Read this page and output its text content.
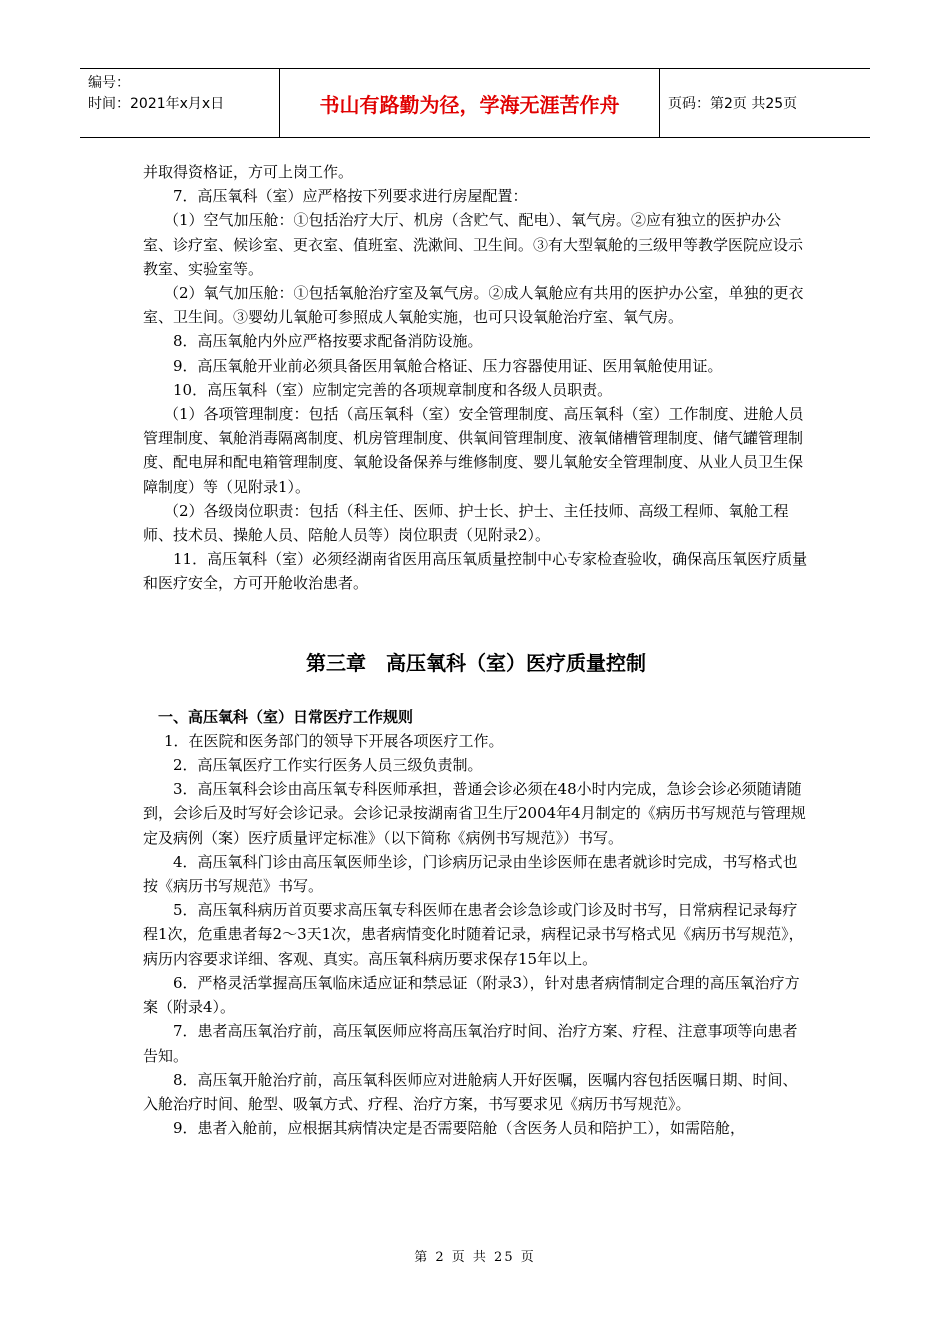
编号：
时间：2021年x月x日	书山有路勤为径，学海无涯苦作舟	页码：第2页 共25页

并取得资格证，方可上岗工作。

7．高压氧科（室）应严格按下列要求进行房屋配置：

（1）空气加压舱：①包括治疗大厅、机房（含贮气、配电）、氧气房。②应有独立的医护办公室、诊疗室、候诊室、更衣室、值班室、洗漱间、卫生间。③有大型氧舱的三级甲等教学医院应设示教室、实验室等。

（2）氧气加压舱：①包括氧舱治疗室及氧气房。②成人氧舱应有共用的医护办公室，单独的更衣室、卫生间。③婴幼儿氧舱可参照成人氧舱实施，也可只设氧舱治疗室、氧气房。

8．高压氧舱内外应严格按要求配备消防设施。

9．高压氧舱开业前必须具备医用氧舱合格证、压力容器使用证、医用氧舱使用证。

10．高压氧科（室）应制定完善的各项规章制度和各级人员职责。

（1）各项管理制度：包括（高压氧科（室）安全管理制度、高压氧科（室）工作制度、进舱人员管理制度、氧舱消毒隔离制度、机房管理制度、供氧间管理制度、液氧储槽管理制度、储气罐管理制度、配电屏和配电箱管理制度、氧舱设备保养与维修制度、婴儿氧舱安全管理制度、从业人员卫生保障制度）等（见附录1）。

（2）各级岗位职责：包括（科主任、医师、护士长、护士、主任技师、高级工程师、氧舱工程师、技术员、操舱人员、陪舱人员等）岗位职责（见附录2）。

11．高压氧科（室）必须经湖南省医用高压氧质量控制中心专家检查验收，确保高压氧医疗质量和医疗安全，方可开舱收治患者。

第三章　高压氧科（室）医疗质量控制

一、高压氧科（室）日常医疗工作规则

1．在医院和医务部门的领导下开展各项医疗工作。

2．高压氧医疗工作实行医务人员三级负责制。

3．高压氧科会诊由高压氧专科医师承担，普通会诊必须在48小时内完成，急诊会诊必须随请随到，会诊后及时写好会诊记录。会诊记录按湖南省卫生厅2004年4月制定的《病历书写规范与管理规定及病例（案）医疗质量评定标准》（以下简称《病例书写规范》）书写。

4．高压氧科门诊由高压氧医师坐诊，门诊病历记录由坐诊医师在患者就诊时完成，书写格式也按《病历书写规范》书写。

5．高压氧科病历首页要求高压氧专科医师在患者会诊急诊或门诊及时书写，日常病程记录每疗程1次，危重患者每2～3天1次，患者病情变化时随着记录，病程记录书写格式见《病历书写规范》，病历内容要求详细、客观、真实。高压氧科病历要求保存15年以上。

6．严格灵活掌握高压氧临床适应证和禁忌证（附录3），针对患者病情制定合理的高压氧治疗方案（附录4）。

7．患者高压氧治疗前，高压氧医师应将高压氧治疗时间、治疗方案、疗程、注意事项等向患者告知。

8．高压氧开舱治疗前，高压氧科医师应对进舱病人开好医嘱，医嘱内容包括医嘱日期、时间、入舱治疗时间、舱型、吸氧方式、疗程、治疗方案，书写要求见《病历书写规范》。

9．患者入舱前，应根据其病情决定是否需要陪舱（含医务人员和陪护工），如需陪舱，

第 2 页 共 25 页
